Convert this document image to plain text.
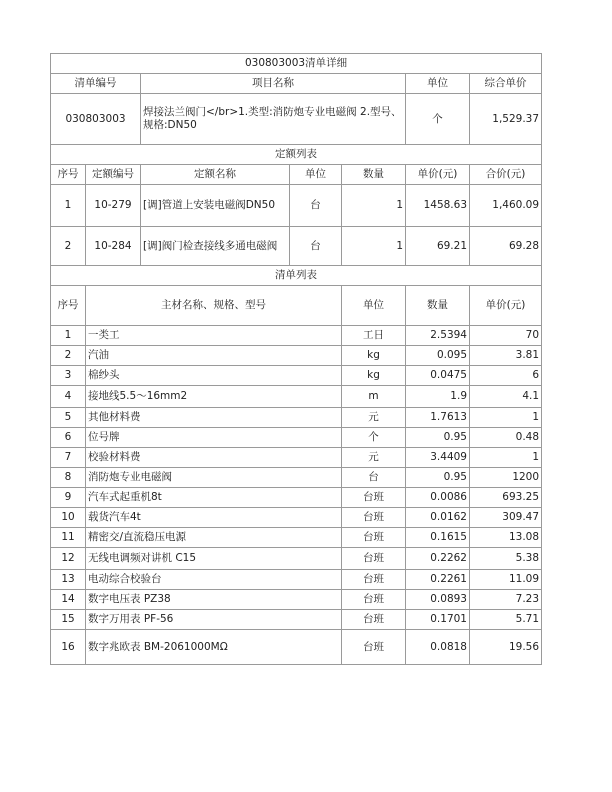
030803003清单详细							
清单编号		项目名称			单位	综合单价	
030803003		焊接法兰阀门</br>1.类型:消防炮专业电磁阀 2.型号、规格:DN50			个	1,529.37	
定额列表							
序号	定额编号	定额名称	单位	数量	单价(元)	合价(元)	
1	10-279	[调]管道上安装电磁阀DN50	台	1	1458.63	1,460.09	
2	10-284	[调]阀门检查接线多通电磁阀	台	1	69.21	69.28	
清单列表							
序号	主材名称、规格、型号			单位	数量	单价(元)	
1	一类工			工日	2.5394	70	
2	汽油			kg	0.095	3.81	
3	棉纱头			kg	0.0475	6	
4	接地线5.5～16mm2			m	1.9	4.1	
5	其他材料费			元	1.7613	1	
6	位号牌			个	0.95	0.48	
7	校验材料费			元	3.4409	1	
8	消防炮专业电磁阀			台	0.95	1200	
9	汽车式起重机8t			台班	0.0086	693.25	
10	载货汽车4t			台班	0.0162	309.47	
11	精密交/直流稳压电源			台班	0.1615	13.08	
12	无线电调频对讲机 C15			台班	0.2262	5.38	
13	电动综合校验台			台班	0.2261	11.09	
14	数字电压表 PZ38			台班	0.0893	7.23	
15	数字万用表 PF-56			台班	0.1701	5.71	
16	数字兆欧表 BM-2061000MΩ			台班	0.0818	19.56	
